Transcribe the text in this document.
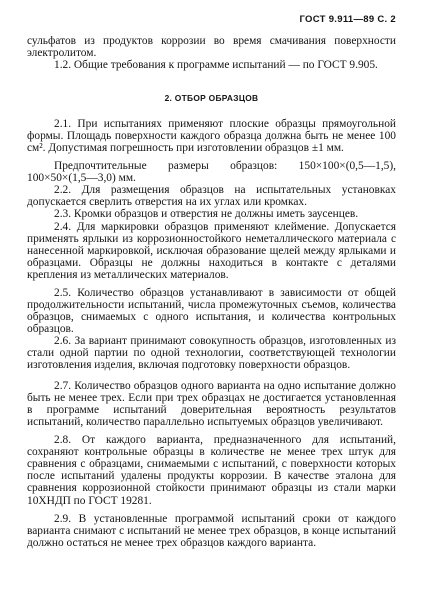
ГОСТ 9.911—89 С. 2

сульфатов из продуктов коррозии во время смачивания поверхности электролитом.

1.2. Общие требования к программе испытаний — по ГОСТ 9.905.

2. ОТБОР ОБРАЗЦОВ

2.1. При испытаниях применяют плоские образцы прямоугольной формы. Площадь поверхности каждого образца должна быть не менее 100 см². Допустимая погрешность при изготовлении образцов ±1 мм.

Предпочтительные размеры образцов: 150×100×(0,5—1,5), 100×50×(1,5—3,0) мм.

2.2. Для размещения образцов на испытательных установках допускается сверлить отверстия на их углах или кромках.

2.3. Кромки образцов и отверстия не должны иметь заусенцев.

2.4. Для маркировки образцов применяют клеймение. Допускается применять ярлыки из коррозионностойкого неметаллического материала с нанесенной маркировкой, исключая образование щелей между ярлыками и образцами. Образцы не должны находиться в контакте с деталями крепления из металлических материалов.

2.5. Количество образцов устанавливают в зависимости от общей продолжительности испытаний, числа промежуточных съемов, количества образцов, снимаемых с одного испытания, и количества контрольных образцов.

2.6. За вариант принимают совокупность образцов, изготовленных из стали одной партии по одной технологии, соответствующей технологии изготовления изделия, включая подготовку поверхности образцов.

2.7. Количество образцов одного варианта на одно испытание должно быть не менее трех. Если при трех образцах не достигается установленная в программе испытаний доверительная вероятность результатов испытаний, количество параллельно испытуемых образцов увеличивают.

2.8. От каждого варианта, предназначенного для испытаний, сохраняют контрольные образцы в количестве не менее трех штук для сравнения с образцами, снимаемыми с испытаний, с поверхности которых после испытаний удалены продукты коррозии. В качестве эталона для сравнения коррозионной стойкости принимают образцы из стали марки 10ХНДП по ГОСТ 19281.

2.9. В установленные программой испытаний сроки от каждого варианта снимают с испытаний не менее трех образцов, в конце испытаний должно остаться не менее трех образцов каждого варианта.
